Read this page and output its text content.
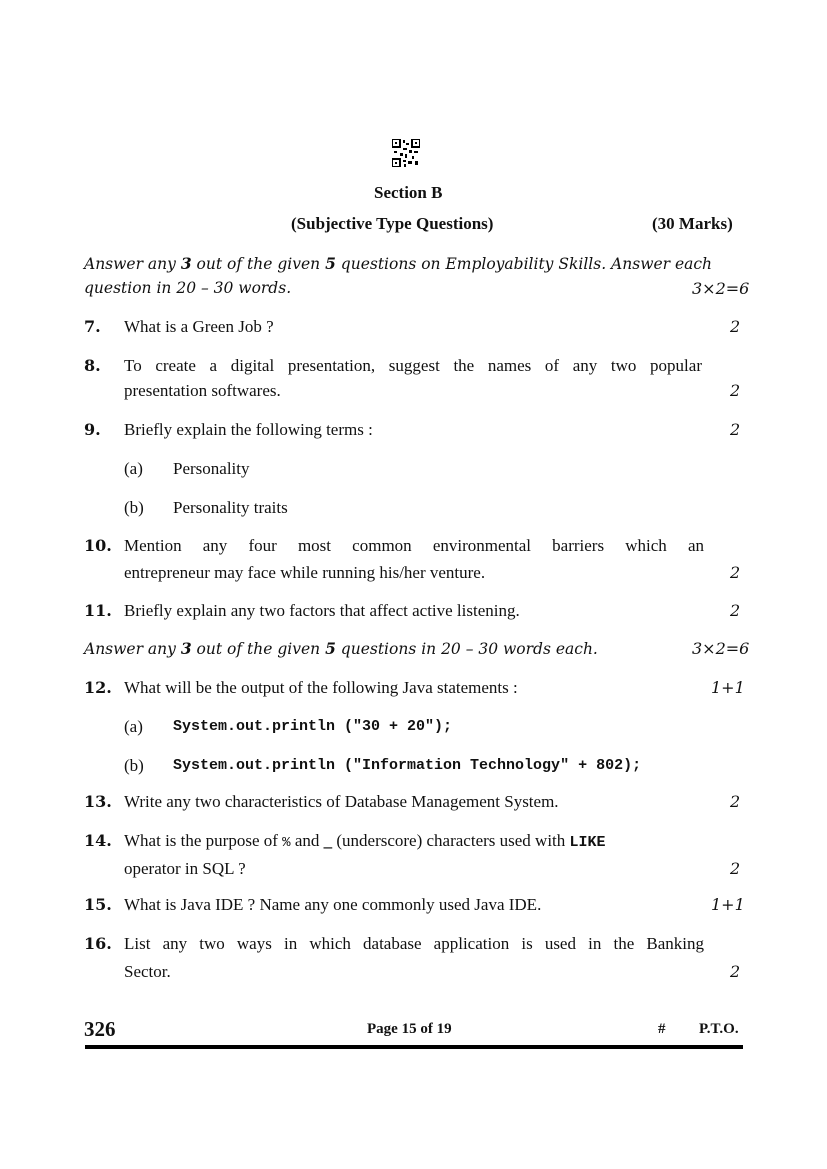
Section B
(Subjective Type Questions)	(30 Marks)
Answer any 3 out of the given 5 questions on Employability Skills. Answer each
question in 20 – 30 words.	3×2=6
7. What is a Green Job ?	2
8. To create a digital presentation, suggest the names of any two popular
presentation softwares.	2
9. Briefly explain the following terms :	2
(a) Personality
(b) Personality traits
10. Mention any four most common environmental barriers which an
entrepreneur may face while running his/her venture.	2
11. Briefly explain any two factors that affect active listening.	2
Answer any 3 out of the given 5 questions in 20 – 30 words each.	3×2=6
12. What will be the output of the following Java statements :	1+1
(a) System.out.println ("30 + 20");
(b) System.out.println ("Information Technology" + 802);
13. Write any two characteristics of Database Management System.	2
14. What is the purpose of % and _ (underscore) characters used with LIKE
operator in SQL ?	2
15. What is Java IDE ? Name any one commonly used Java IDE.	1+1
16. List any two ways in which database application is used in the Banking
Sector.	2
326	Page 15 of 19	# P.T.O.
